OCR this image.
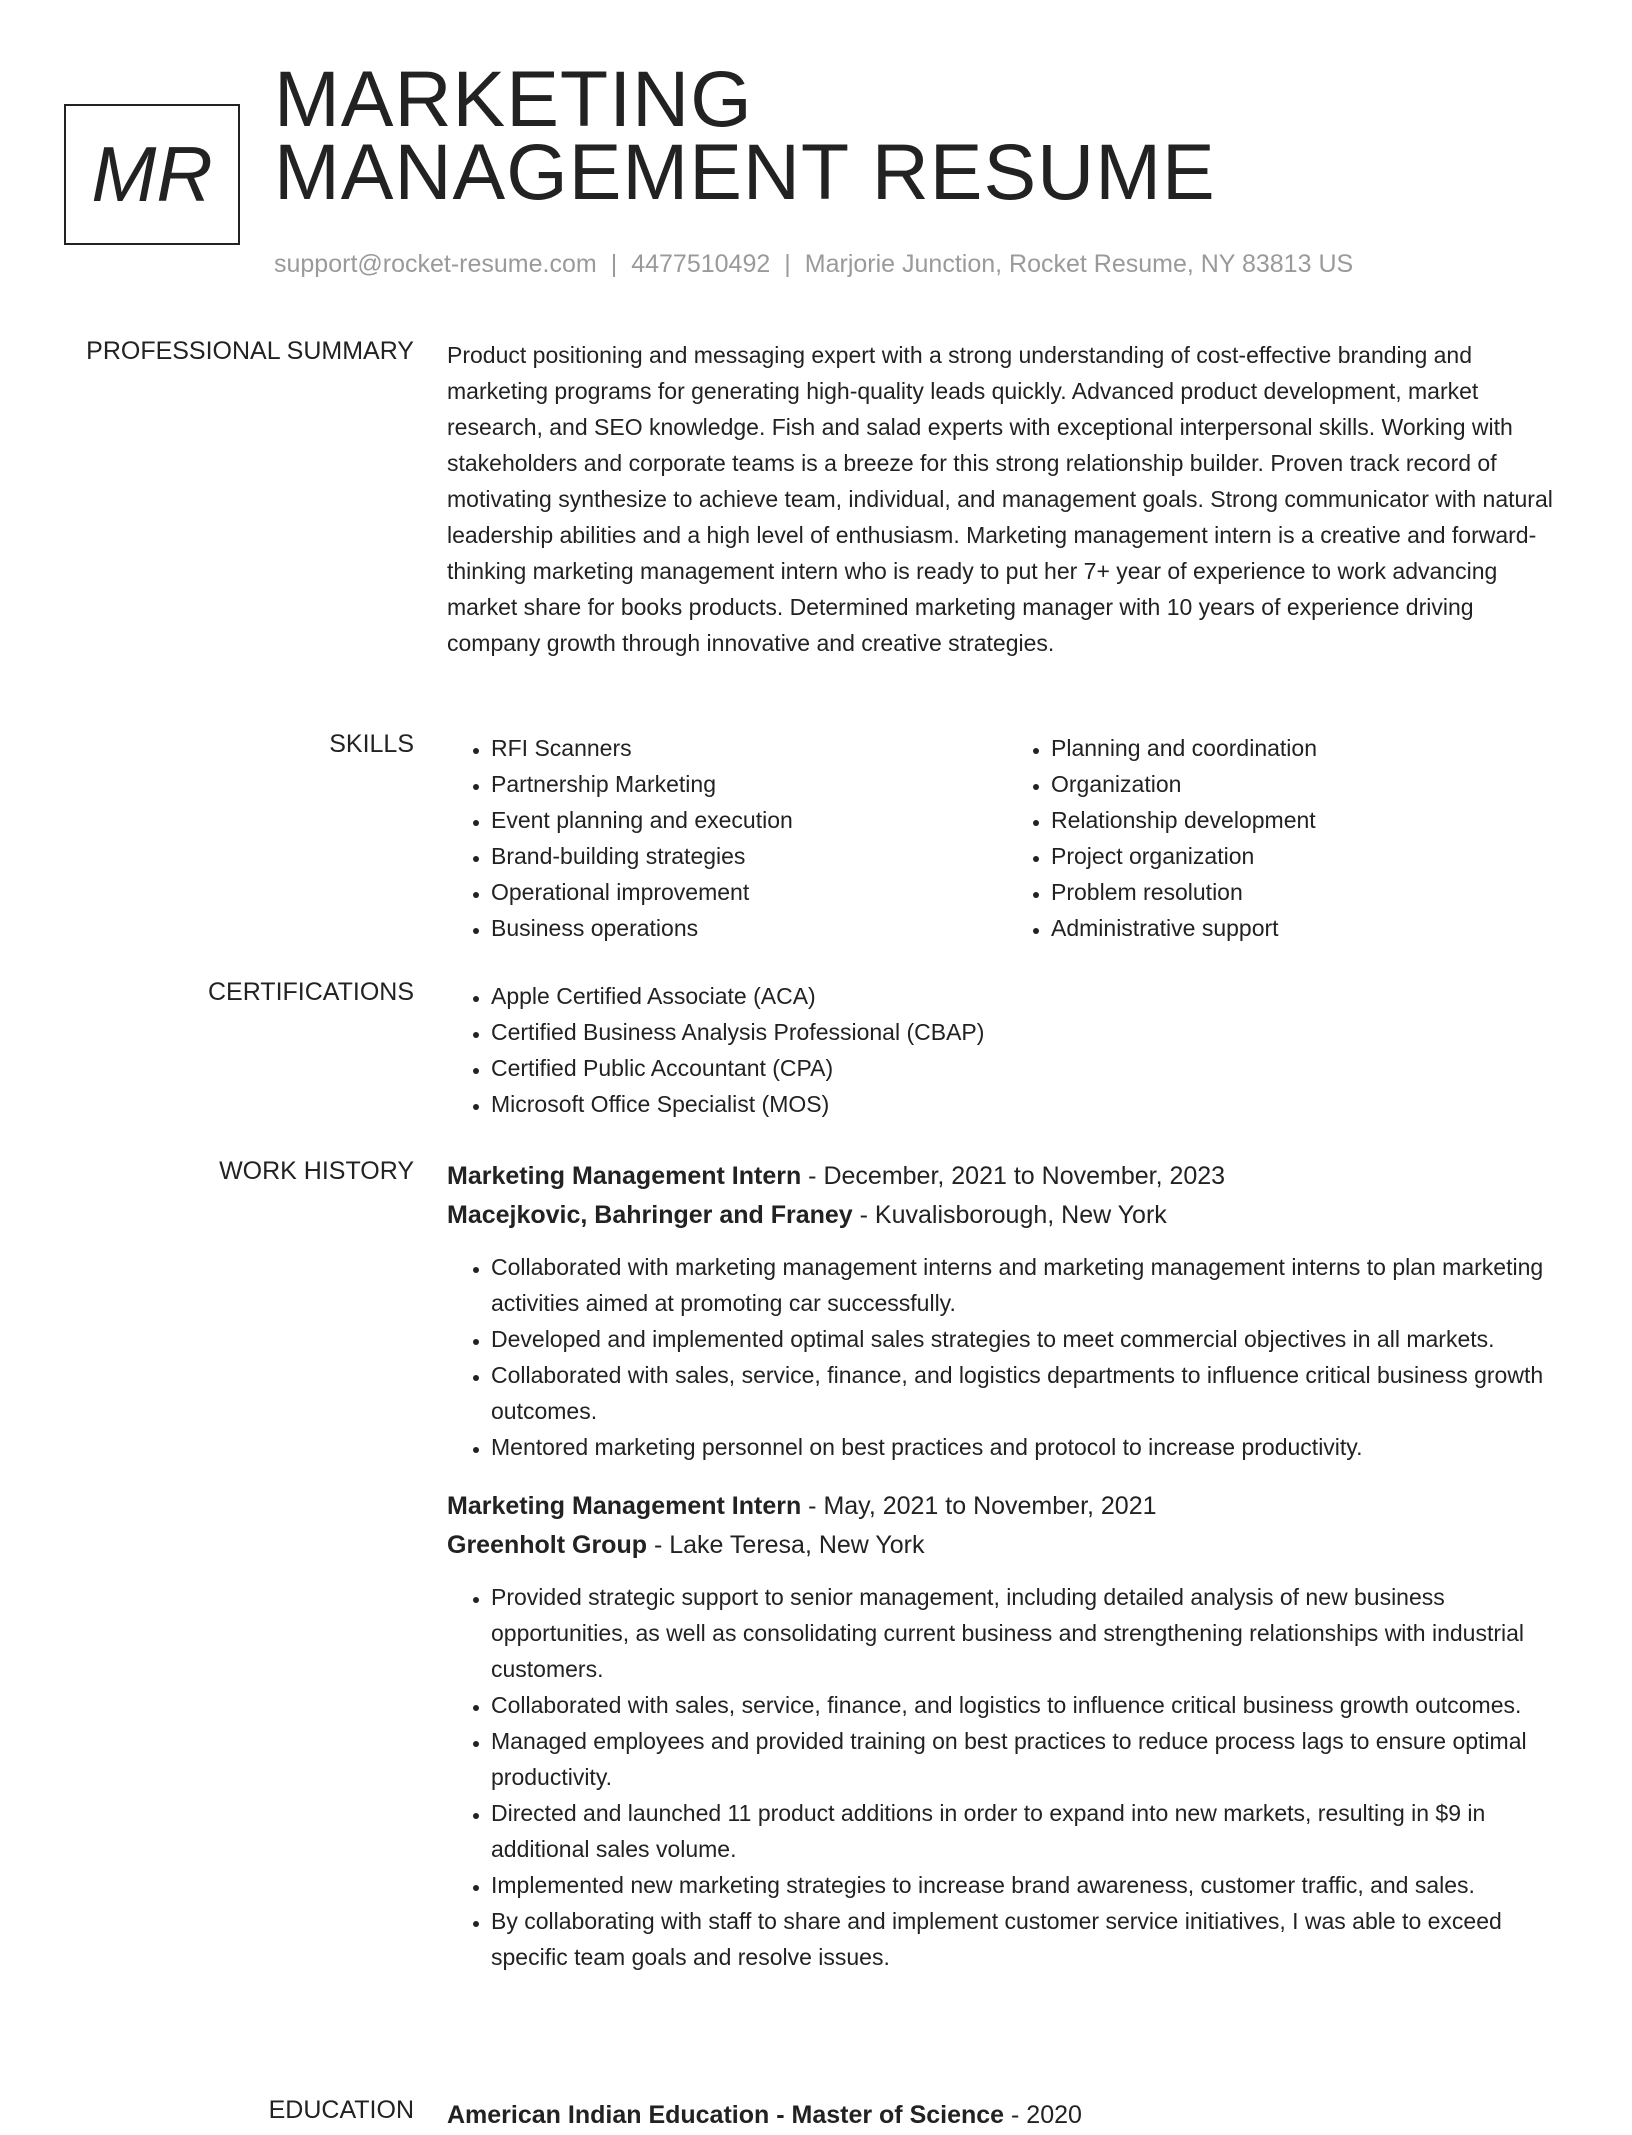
MR
MARKETING
MANAGEMENT RESUME
support@rocket-resume.com | 4477510492 | Marjorie Junction, Rocket Resume, NY 83813 US
PROFESSIONAL SUMMARY Product positioning and messaging expert with a strong understanding of cost-effective branding and marketing programs for generating high-quality leads quickly. Advanced product development, market research, and SEO knowledge. Fish and salad experts with exceptional interpersonal skills. Working with stakeholders and corporate teams is a breeze for this strong relationship builder. Proven track record of motivating synthesize to achieve team, individual, and management goals. Strong communicator with natural leadership abilities and a high level of enthusiasm. Marketing management intern is a creative and forward-thinking marketing management intern who is ready to put her 7+ year of experience to work advancing market share for books products. Determined marketing manager with 10 years of experience driving company growth through innovative and creative strategies.

SKILLS	• RFI Scanners
• Partnership Marketing
• Event planning and execution
• Brand-building strategies
• Operational improvement
• Business operations
• Planning and coordination
• Organization
• Relationship development
• Project organization
• Problem resolution
• Administrative support
CERTIFICATIONS	• Apple Certified Associate (ACA)
• Certified Business Analysis Professional (CBAP)
• Certified Public Accountant (CPA)
• Microsoft Office Specialist (MOS)
WORK HISTORY Marketing Management Intern - December, 2021 to November, 2023
Macejkovic, Bahringer and Franey - Kuvalisborough, New York
• Collaborated with marketing management interns and marketing management interns to plan marketing activities aimed at promoting car successfully.
• Developed and implemented optimal sales strategies to meet commercial objectives in all markets.
• Collaborated with sales, service, finance, and logistics departments to influence critical business growth outcomes.
• Mentored marketing personnel on best practices and protocol to increase productivity.
Marketing Management Intern - May, 2021 to November, 2021
Greenholt Group - Lake Teresa, New York
• Provided strategic support to senior management, including detailed analysis of new business opportunities, as well as consolidating current business and strengthening relationships with industrial customers.
• Collaborated with sales, service, finance, and logistics to influence critical business growth outcomes.
• Managed employees and provided training on best practices to reduce process lags to ensure optimal productivity.
• Directed and launched 11 product additions in order to expand into new markets, resulting in $9 in additional sales volume.
• Implemented new marketing strategies to increase brand awareness, customer traffic, and sales.
• By collaborating with staff to share and implement customer service initiatives, I was able to exceed specific team goals and resolve issues.
EDUCATION American Indian Education - Master of Science - 2020
